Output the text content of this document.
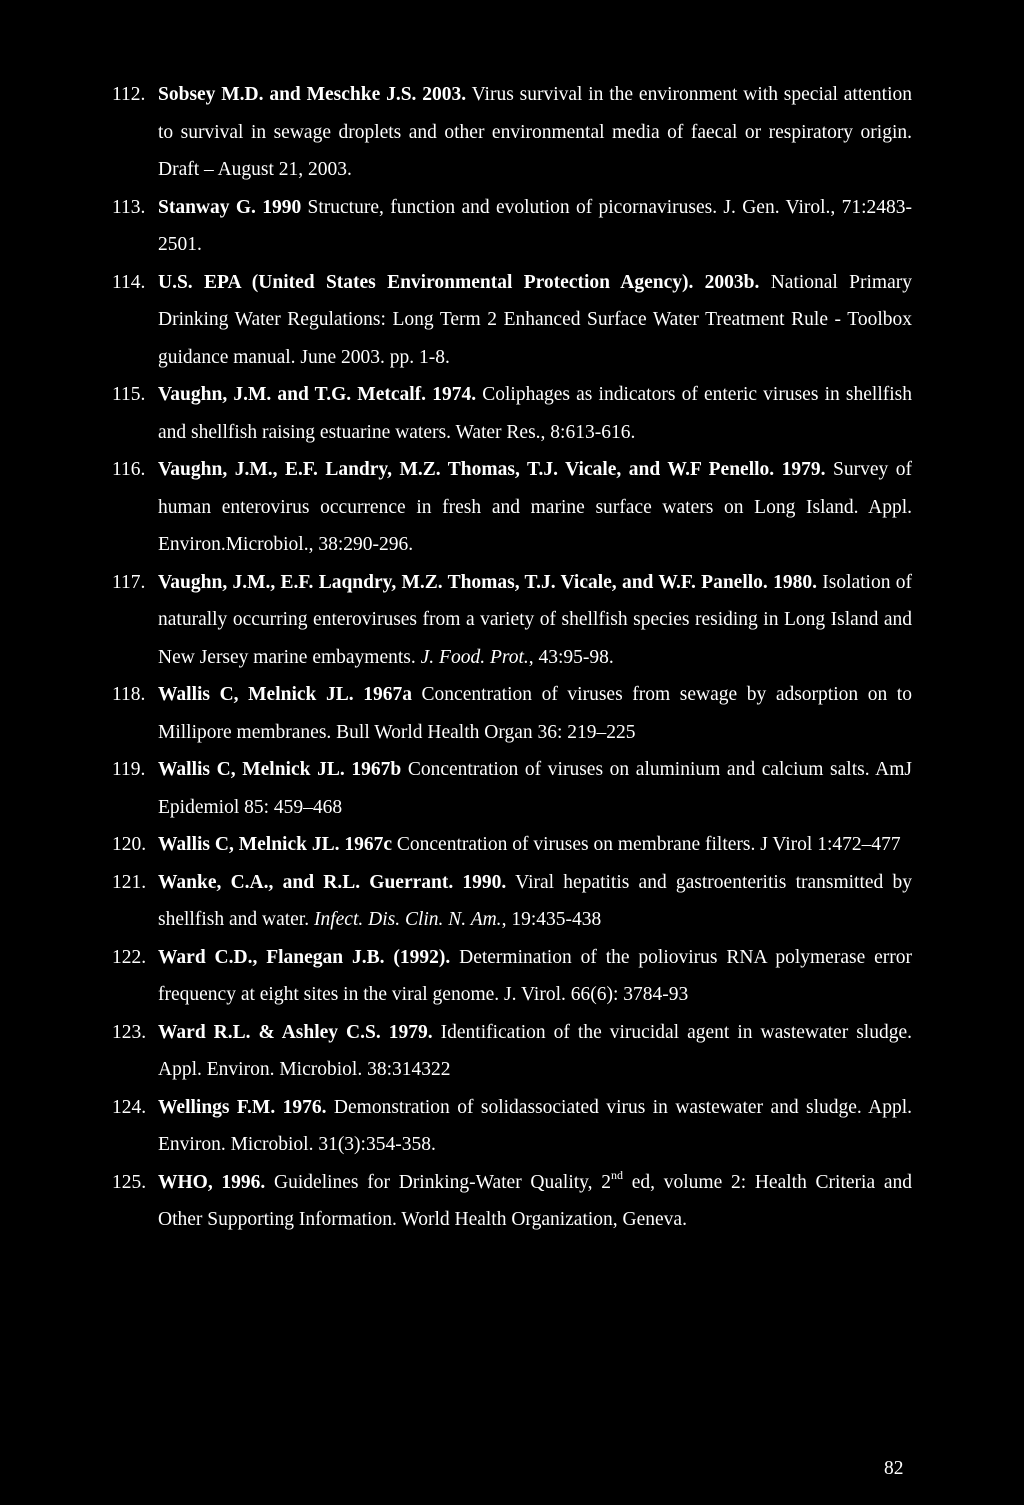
112. Sobsey M.D. and Meschke J.S. 2003. Virus survival in the environment with special attention to survival in sewage droplets and other environmental media of faecal or respiratory origin. Draft – August 21, 2003.
113. Stanway G. 1990 Structure, function and evolution of picornaviruses. J. Gen. Virol., 71:2483-2501.
114. U.S. EPA (United States Environmental Protection Agency). 2003b. National Primary Drinking Water Regulations: Long Term 2 Enhanced Surface Water Treatment Rule - Toolbox guidance manual. June 2003. pp. 1-8.
115. Vaughn, J.M. and T.G. Metcalf. 1974. Coliphages as indicators of enteric viruses in shellfish and shellfish raising estuarine waters. Water Res., 8:613-616.
116. Vaughn, J.M., E.F. Landry, M.Z. Thomas, T.J. Vicale, and W.F Penello. 1979. Survey of human enterovirus occurrence in fresh and marine surface waters on Long Island. Appl. Environ.Microbiol., 38:290-296.
117. Vaughn, J.M., E.F. Laqndry, M.Z. Thomas, T.J. Vicale, and W.F. Panello. 1980. Isolation of naturally occurring enteroviruses from a variety of shellfish species residing in Long Island and New Jersey marine embayments. J. Food. Prot., 43:95-98.
118. Wallis C, Melnick JL. 1967a Concentration of viruses from sewage by adsorption on to Millipore membranes. Bull World Health Organ 36: 219–225
119. Wallis C, Melnick JL. 1967b Concentration of viruses on aluminium and calcium salts. AmJ Epidemiol 85: 459–468
120. Wallis C, Melnick JL. 1967c Concentration of viruses on membrane filters. J Virol 1:472–477
121. Wanke, C.A., and R.L. Guerrant. 1990. Viral hepatitis and gastroenteritis transmitted by shellfish and water. Infect. Dis. Clin. N. Am., 19:435-438
122. Ward C.D., Flanegan J.B. (1992). Determination of the poliovirus RNA polymerase error frequency at eight sites in the viral genome. J. Virol. 66(6): 3784-93
123. Ward R.L. & Ashley C.S. 1979. Identification of the virucidal agent in wastewater sludge. Appl. Environ. Microbiol. 38:314322
124. Wellings F.M. 1976. Demonstration of solidassociated virus in wastewater and sludge. Appl. Environ. Microbiol. 31(3):354-358.
125. WHO, 1996. Guidelines for Drinking-Water Quality, 2nd ed, volume 2: Health Criteria and Other Supporting Information. World Health Organization, Geneva.
82
